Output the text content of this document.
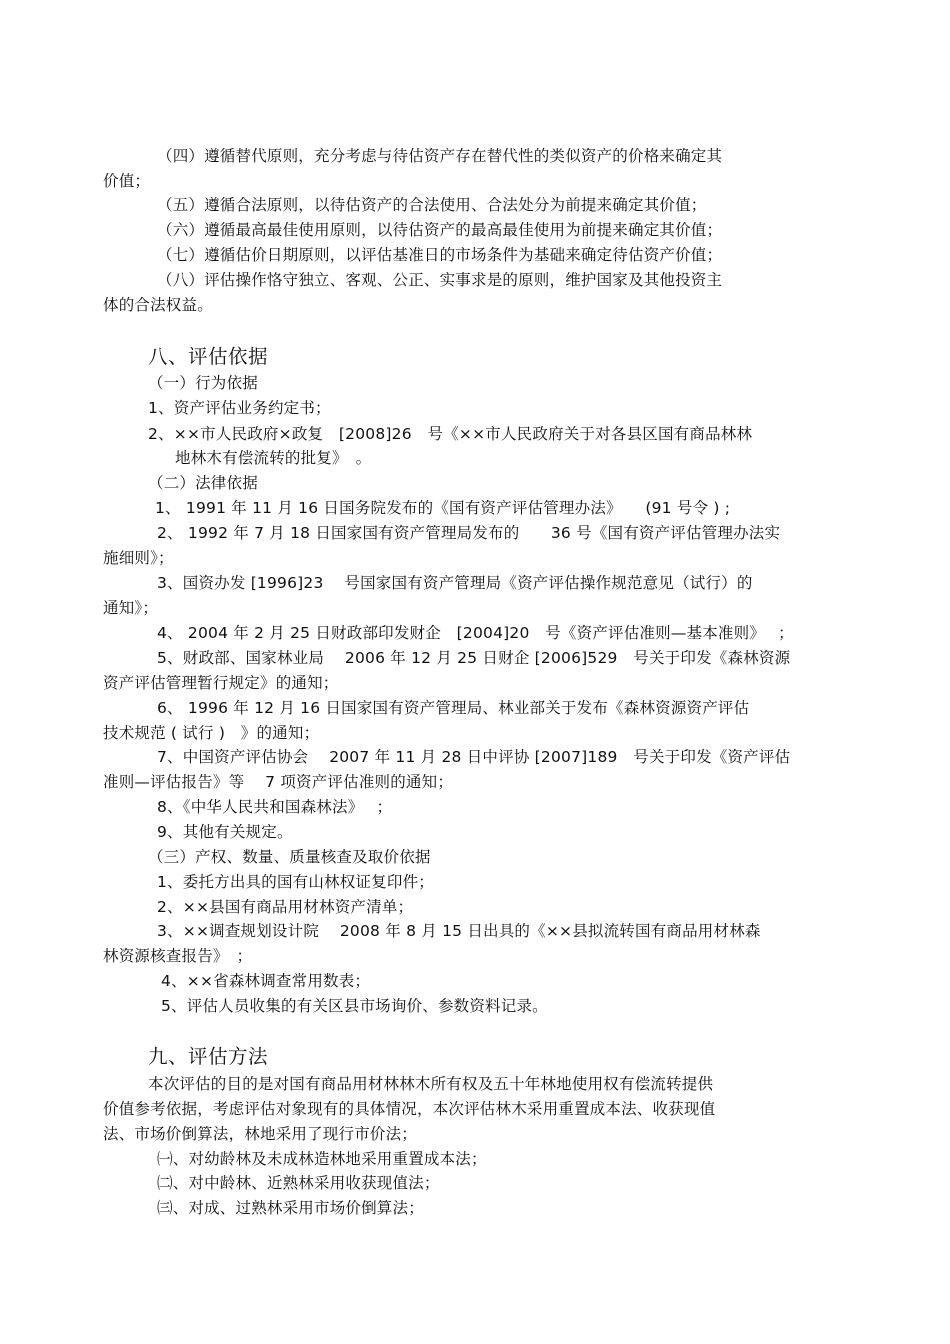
（四）遵循替代原则，充分考虑与待估资产存在替代性的类似资产的价格来确定其
价值；
（五）遵循合法原则，以待估资产的合法使用、合法处分为前提来确定其价值；
（六）遵循最高最佳使用原则，以待估资产的最高最佳使用为前提来确定其价值；
（七）遵循估价日期原则，以评估基准日的市场条件为基础来确定待估资产价值；
（八）评估操作恪守独立、客观、公正、实事求是的原则，维护国家及其他投资主
体的合法权益。
八、评估依据
（一）行为依据
1、资产评估业务约定书；
2、××市人民政府×政复　[2008]26　号《××市人民政府关于对各县区国有商品林林
地林木有偿流转的批复》　。
（二）法律依据
1、 1991 年 11 月 16 日国务院发布的《国有资产评估管理办法》　　(91 号令 ) ;
2、 1992 年 7 月 18 日国家国有资产管理局发布的　　36 号《国有资产评估管理办法实
施细则》；
3、国资办发 [1996]23　 号国家国有资产管理局《资产评估操作规范意见（试行）的
通知》；
4、 2004 年 2 月 25 日财政部印发财企　[2004]20　号《资产评估准则—基本准则》　 ；
5、财政部、国家林业局　 2006 年 12 月 25 日财企 [2006]529　号关于印发《森林资源
资产评估管理暂行规定》的通知；
6、 1996 年 12 月 16 日国家国有资产管理局、林业部关于发布《森林资源资产评估
技术规范 ( 试行 )　》的通知；
7、中国资产评估协会　 2007 年 11 月 28 日中评协 [2007]189　号关于印发《资产评估
准则—评估报告》等　 7 项资产评估准则的通知；
8、《中华人民共和国森林法》　 ；
9、其他有关规定。
（三）产权、数量、质量核查及取价依据
1、委托方出具的国有山林权证复印件；
2、××县国有商品用材林资产清单；
3、××调查规划设计院　 2008 年 8 月 15 日出具的《××县拟流转国有商品用材林森
林资源核查报告》　；
4、××省森林调查常用数表；
5、评估人员收集的有关区县市场询价、参数资料记录。
九、评估方法
本次评估的目的是对国有商品用材林林木所有权及五十年林地使用权有偿流转提供
价值参考依据，考虑评估对象现有的具体情况，本次评估林木采用重置成本法、收获现值
法、市场价倒算法，林地采用了现行市价法；
㈠、对幼龄林及未成林造林地采用重置成本法；
㈡、对中龄林、近熟林采用收获现值法；
㈢、对成、过熟林采用市场价倒算法；
